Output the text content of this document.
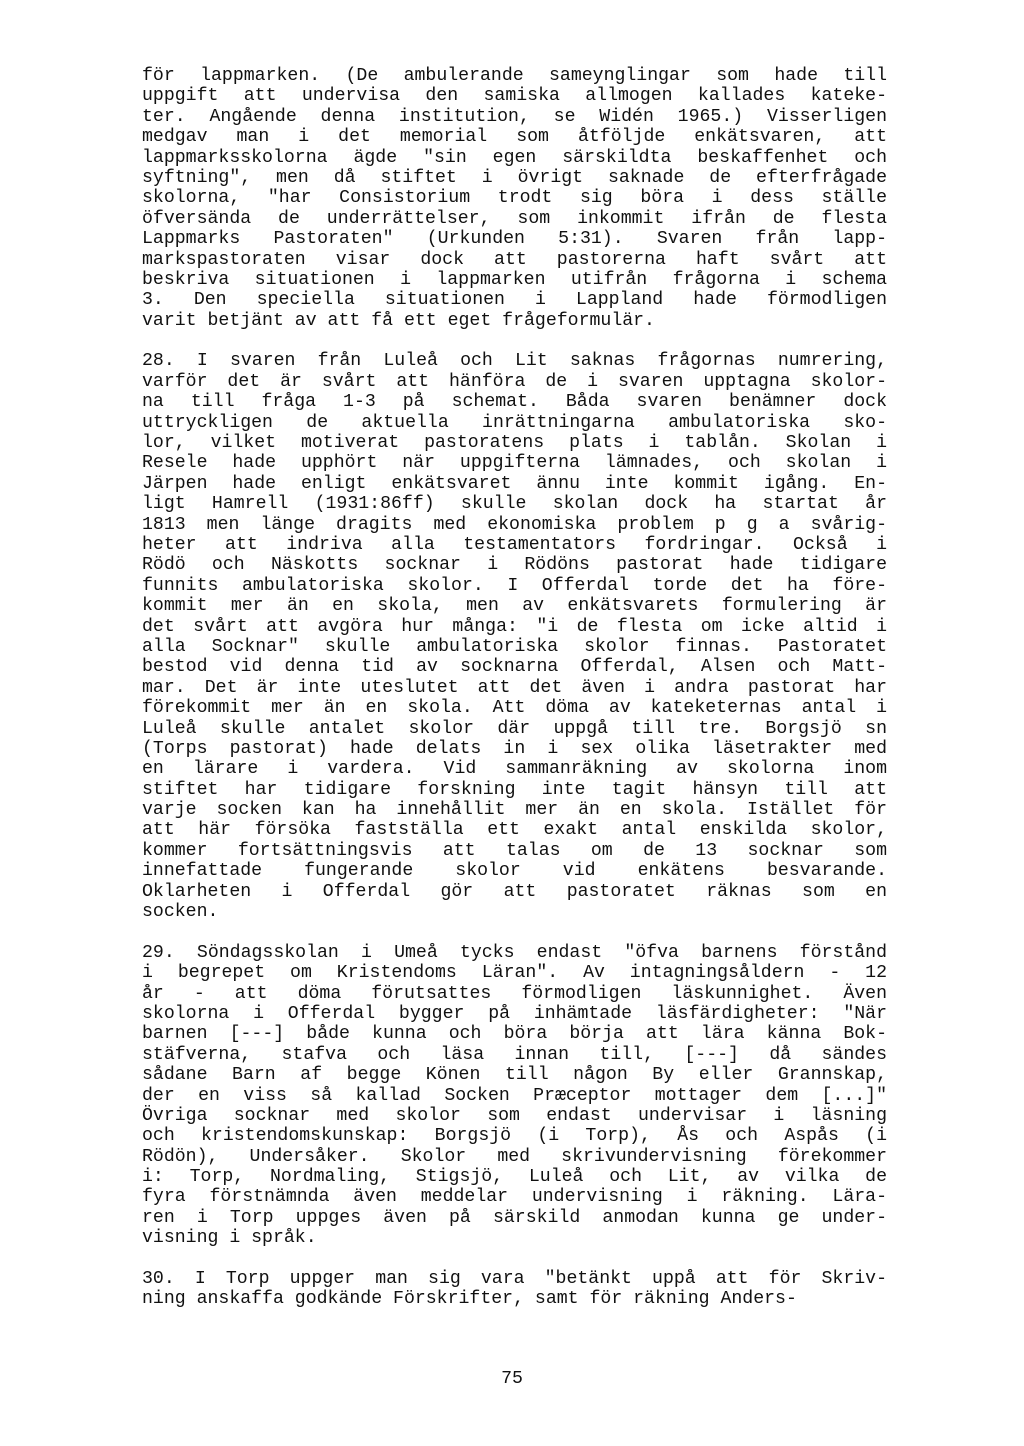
för lappmarken. (De ambulerande sameynglingar som hade till
uppgift att undervisa den samiska allmogen kallades kateke-
ter. Angående denna institution, se Widén 1965.) Visserligen
medgav man i det memorial som åtföljde enkätsvaren, att
lappmarksskolorna ägde "sin egen särskildta beskaffenhet och
syftning", men då stiftet i övrigt saknade de efterfrågade
skolorna, "har Consistorium trodt sig böra i dess ställe
öfversända de underrättelser, som inkommit ifrån de flesta
Lappmarks Pastoraten" (Urkunden 5:31). Svaren från lapp-
markspastoraten visar dock att pastorerna haft svårt att
beskriva situationen i lappmarken utifrån frågorna i schema
3. Den speciella situationen i Lappland hade förmodligen
varit betjänt av att få ett eget frågeformulär.
28. I svaren från Luleå och Lit saknas frågornas numrering,
varför det är svårt att hänföra de i svaren upptagna skolor-
na till fråga 1-3 på schemat. Båda svaren benämner dock
uttryckligen de aktuella inrättningarna ambulatoriska sko-
lor, vilket motiverat pastoratens plats i tablån. Skolan i
Resele hade upphört när uppgifterna lämnades, och skolan i
Järpen hade enligt enkätsvaret ännu inte kommit igång. En-
ligt Hamrell (1931:86ff) skulle skolan dock ha startat år
1813 men länge dragits med ekonomiska problem p g a svårig-
heter att indriva alla testamentators fordringar. Också i
Rödö och Näskotts socknar i Rödöns pastorat hade tidigare
funnits ambulatoriska skolor. I Offerdal torde det ha före-
kommit mer än en skola, men av enkätsvarets formulering är
det svårt att avgöra hur många: "i de flesta om icke altid i
alla Socknar" skulle ambulatoriska skolor finnas. Pastoratet
bestod vid denna tid av socknarna Offerdal, Alsen och Matt-
mar. Det är inte uteslutet att det även i andra pastorat har
förekommit mer än en skola. Att döma av kateketernas antal i
Luleå skulle antalet skolor där uppgå till tre. Borgsjö sn
(Torps pastorat) hade delats in i sex olika läsetrakter med
en lärare i vardera. Vid sammanräkning av skolorna inom
stiftet har tidigare forskning inte tagit hänsyn till att
varje socken kan ha innehållit mer än en skola. Istället för
att här försöka fastställa ett exakt antal enskilda skolor,
kommer fortsättningsvis att talas om de 13 socknar som
innefattade fungerande skolor vid enkätens besvarande.
Oklarheten i Offerdal gör att pastoratet räknas som en
socken.
29. Söndagsskolan i Umeå tycks endast "öfva barnens förstånd
i begrepet om Kristendoms Läran". Av intagningsåldern - 12
år - att döma förutsattes förmodligen läskunnighet. Även
skolorna i Offerdal bygger på inhämtade läsfärdigheter: "När
barnen [---] både kunna och böra börja att lära känna Bok-
stäfverna, stafva och läsa innan till, [---] då sändes
sådane Barn af begge Könen till någon By eller Grannskap,
der en viss så kallad Socken Præceptor mottager dem [...]"
Övriga socknar med skolor som endast undervisar i läsning
och kristendomskunskap: Borgsjö (i Torp), Ås och Aspås (i
Rödön), Undersåker. Skolor med skrivundervisning förekommer
i: Torp, Nordmaling, Stigsjö, Luleå och Lit, av vilka de
fyra förstnämnda även meddelar undervisning i räkning. Lära-
ren i Torp uppges även på särskild anmodan kunna ge under-
visning i språk.
30. I Torp uppger man sig vara "betänkt uppå att för Skriv-
ning anskaffa godkände Förskrifter, samt för räkning Anders-
75
